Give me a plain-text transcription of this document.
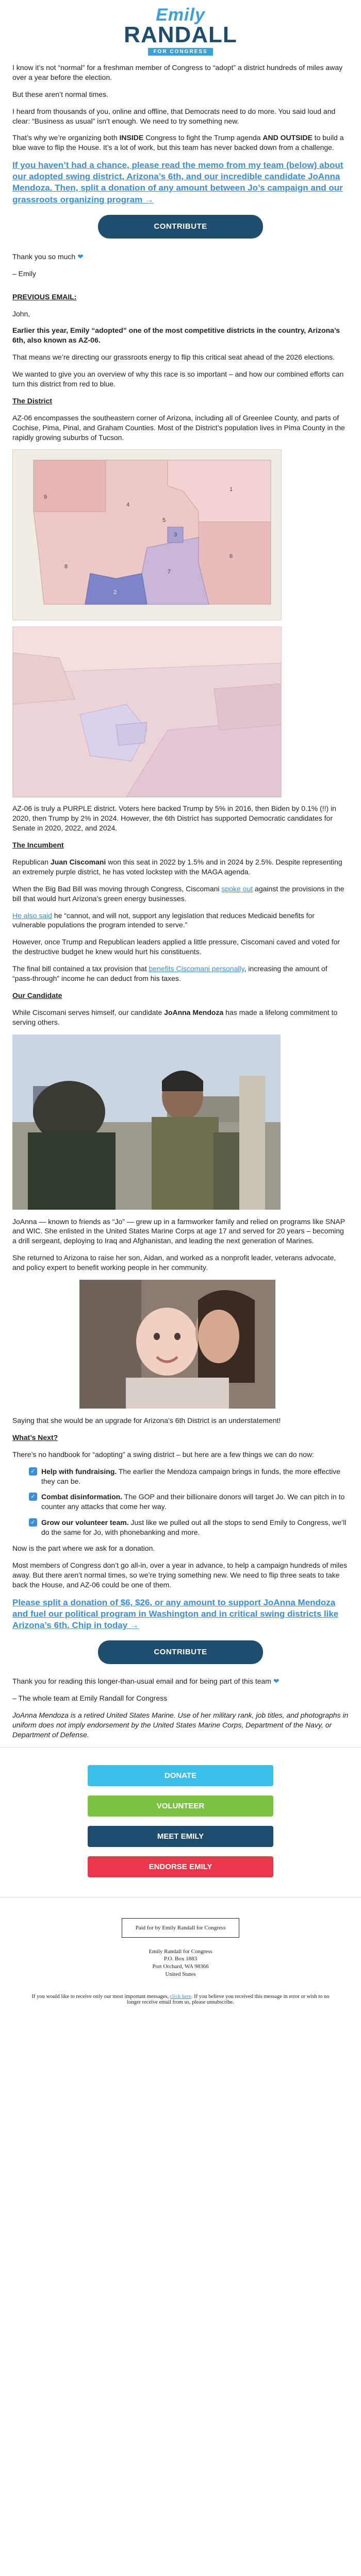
Emily
RANDALL
FOR CONGRESS

I know it’s not “normal” for a freshman member of Congress to “adopt” a district hundreds of miles away over a year before the election.

But these aren’t normal times.

I heard from thousands of you, online and offline, that Democrats need to do more. You said loud and clear: “Business as usual” isn’t enough. We need to try something new.

That’s why we’re organizing both INSIDE Congress to fight the Trump agenda AND OUTSIDE to build a blue wave to flip the House. It’s a lot of work, but this team has never backed down from a challenge.

If you haven’t had a chance, please read the memo from my team (below) about our adopted swing district, Arizona’s 6th, and our incredible candidate JoAnna Mendoza. Then, split a donation of any amount between Jo’s campaign and our grassroots organizing program →

CONTRIBUTE

Thank you so much ❤

– Emily

PREVIOUS EMAIL:

John,

Earlier this year, Emily “adopted” one of the most competitive districts in the country, Arizona’s 6th, also known as AZ-06.

That means we’re directing our grassroots energy to flip this critical seat ahead of the 2026 elections.

We wanted to give you an overview of why this race is so important – and how our combined efforts can turn this district from red to blue.

The District

AZ-06 encompasses the southeastern corner of Arizona, including all of Greenlee County, and parts of Cochise, Pima, Pinal, and Graham Counties. Most of the District’s population lives in Pima County in the rapidly growing suburbs of Tucson.

9
4
6
3
7
1
5
2
8

AZ-06 is truly a PURPLE district. Voters here backed Trump by 5% in 2016, then Biden by 0.1% (!!) in 2020, then Trump by 2% in 2024. However, the 6th District has supported Democratic candidates for Senate in 2020, 2022, and 2024.

The Incumbent

Republican Juan Ciscomani won this seat in 2022 by 1.5% and in 2024 by 2.5%. Despite representing an extremely purple district, he has voted lockstep with the MAGA agenda.

When the Big Bad Bill was moving through Congress, Ciscomani spoke out against the provisions in the bill that would hurt Arizona’s green energy businesses.

He also said he “cannot, and will not, support any legislation that reduces Medicaid benefits for vulnerable populations the program intended to serve.”

However, once Trump and Republican leaders applied a little pressure, Ciscomani caved and voted for the destructive budget he knew would hurt his constituents.

The final bill contained a tax provision that benefits Ciscomani personally, increasing the amount of “pass-through” income he can deduct from his taxes.

Our Candidate

While Ciscomani serves himself, our candidate JoAnna Mendoza has made a lifelong commitment to serving others.

JoAnna — known to friends as “Jo” — grew up in a farmworker family and relied on programs like SNAP and WIC. She enlisted in the United States Marine Corps at age 17 and served for 20 years – becoming a drill sergeant, deploying to Iraq and Afghanistan, and leading the next generation of Marines.

She returned to Arizona to raise her son, Aidan, and worked as a nonprofit leader, veterans advocate, and policy expert to benefit working people in her community.

Saying that she would be an upgrade for Arizona’s 6th District is an understatement!

What’s Next?

There’s no handbook for “adopting” a swing district – but here are a few things we can do now:

✓ Help with fundraising. The earlier the Mendoza campaign brings in funds, the more effective they can be.
✓ Combat disinformation. The GOP and their billionaire donors will target Jo. We can pitch in to counter any attacks that come her way.
✓ Grow our volunteer team. Just like we pulled out all the stops to send Emily to Congress, we’ll do the same for Jo, with phonebanking and more.

Now is the part where we ask for a donation.

Most members of Congress don’t go all-in, over a year in advance, to help a campaign hundreds of miles away. But there aren’t normal times, so we’re trying something new. We need to flip three seats to take back the House, and AZ-06 could be one of them.

Please split a donation of $6, $26, or any amount to support JoAnna Mendoza and fuel our political program in Washington and in critical swing districts like Arizona’s 6th. Chip in today →

CONTRIBUTE

Thank you for reading this longer-than-usual email and for being part of this team ❤

– The whole team at Emily Randall for Congress

JoAnna Mendoza is a retired United States Marine. Use of her military rank, job titles, and photographs in uniform does not imply endorsement by the United States Marine Corps, Department of the Navy, or Department of Defense.

DONATE
VOLUNTEER
MEET EMILY
ENDORSE EMILY
Paid for by Emily Randall for Congress
Emily Randall for Congress
P.O. Box 1883
Port Orchard, WA 98366
United States
If you would like to receive only our most important messages, click here. If you believe you received this message in error or wish to no longer receive email from us, please unsubscribe.
